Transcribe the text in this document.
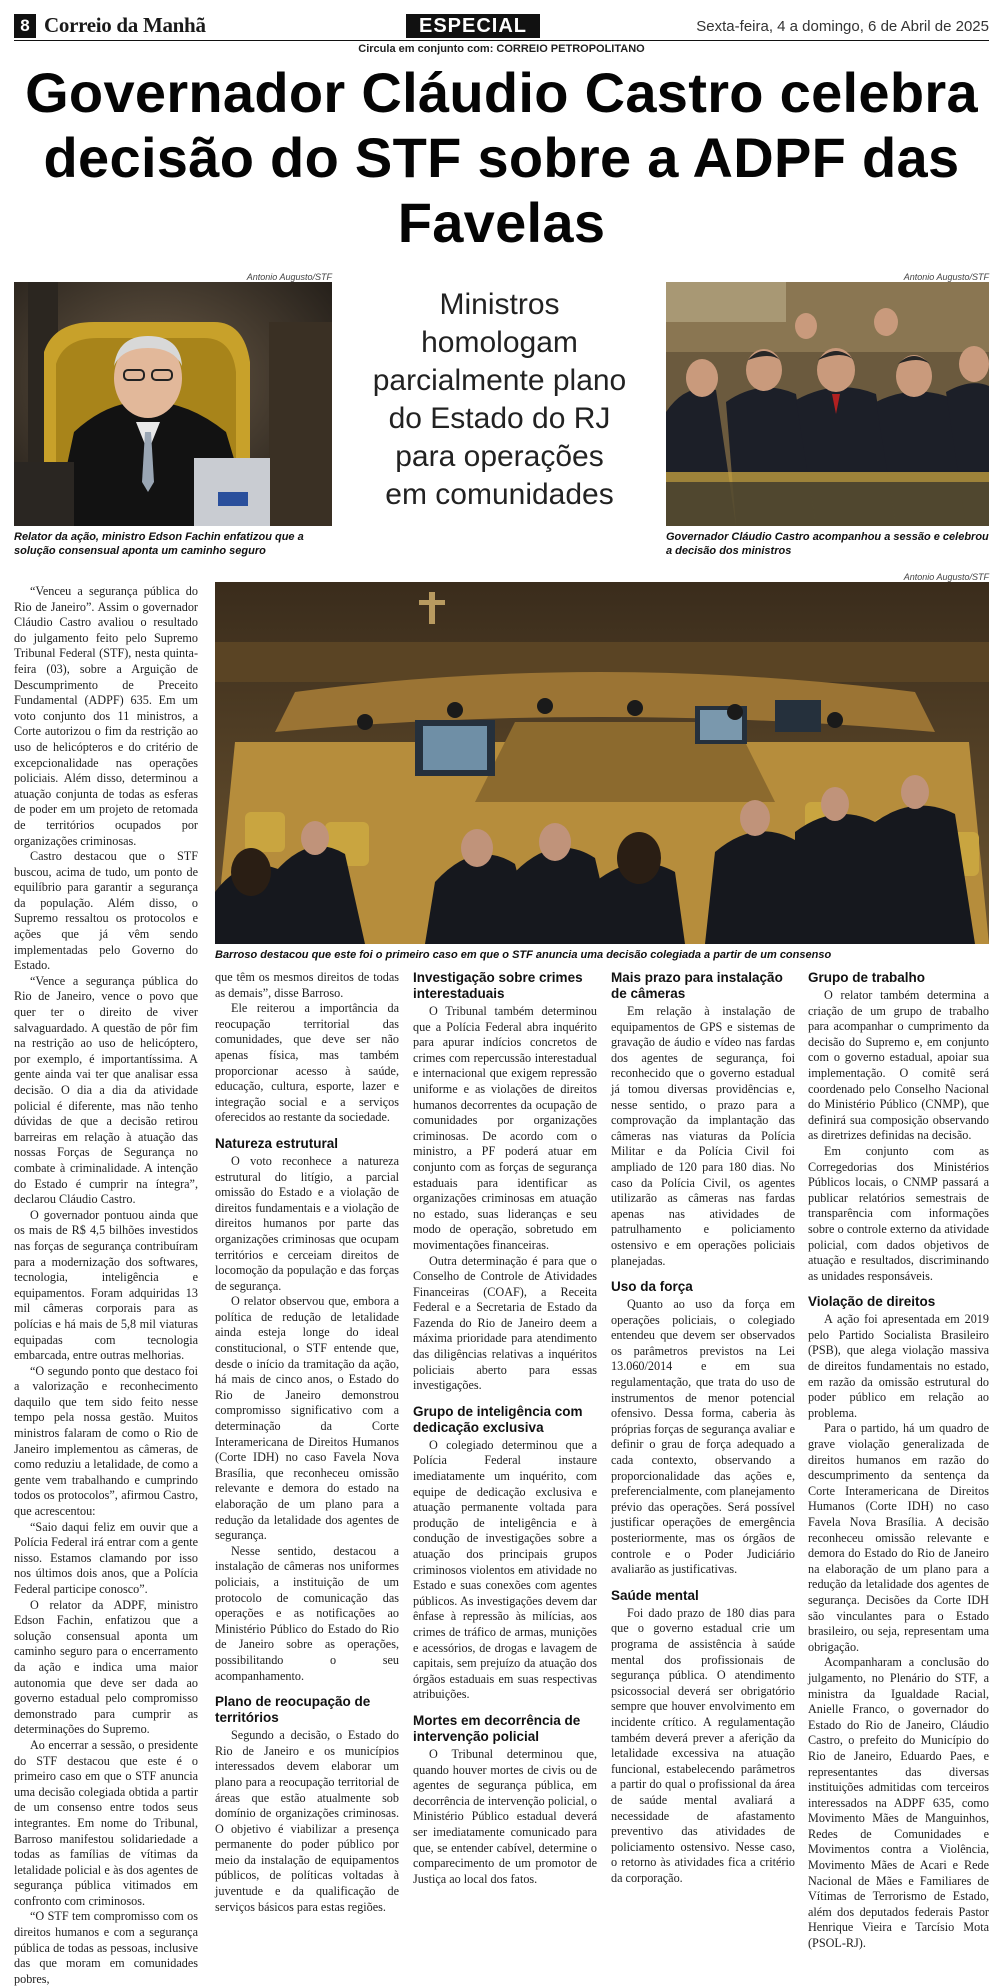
8 Correio da Manhã	ESPECIAL	Sexta-feira, 4 a domingo, 6 de Abril de 2025
Circula em conjunto com: CORREIO PETROPOLITANO
Governador Cláudio Castro celebra decisão do STF sobre a ADPF das Favelas
Antonio Augusto/STF
Relator da ação, ministro Edson Fachin enfatizou que a solução consensual aponta um caminho seguro
Ministros homologam parcialmente plano do Estado do RJ para operações em comunidades
Antonio Augusto/STF
Governador Cláudio Castro acompanhou a sessão e celebrou a decisão dos ministros
Antonio Augusto/STF
Barroso destacou que este foi o primeiro caso em que o STF anuncia uma decisão colegiada a partir de um consenso

“Venceu a segurança pública do Rio de Janeiro”. Assim o governador Cláudio Castro avaliou o resultado do julgamento feito pelo Supremo Tribunal Federal (STF), nesta quinta-feira (03), sobre a Arguição de Descumprimento de Preceito Fundamental (ADPF) 635. Em um voto conjunto dos 11 ministros, a Corte autorizou o fim da restrição ao uso de helicópteros e do critério de excepcionalidade nas operações policiais. Além disso, determinou a atuação conjunta de todas as esferas de poder em um projeto de retomada de territórios ocupados por organizações criminosas.

Castro destacou que o STF buscou, acima de tudo, um ponto de equilíbrio para garantir a segurança da população. Além disso, o Supremo ressaltou os protocolos e ações que já vêm sendo implementadas pelo Governo do Estado.

“Vence a segurança pública do Rio de Janeiro, vence o povo que quer ter o direito de viver salvaguardado. A questão de pôr fim na restrição ao uso de helicóptero, por exemplo, é importantíssima. A gente ainda vai ter que analisar essa decisão. O dia a dia da atividade policial é diferente, mas não tenho dúvidas de que a decisão retirou barreiras em relação à atuação das nossas Forças de Segurança no combate à criminalidade. A intenção do Estado é cumprir na íntegra”, declarou Cláudio Castro.

O governador pontuou ainda que os mais de R$ 4,5 bilhões investidos nas forças de segurança contribuíram para a modernização dos softwares, tecnologia, inteligência e equipamentos. Foram adquiridas 13 mil câmeras corporais para as polícias e há mais de 5,8 mil viaturas equipadas com tecnologia embarcada, entre outras melhorias.

“O segundo ponto que destaco foi a valorização e reconhecimento daquilo que tem sido feito nesse tempo pela nossa gestão. Muitos ministros falaram de como o Rio de Janeiro implementou as câmeras, de como reduziu a letalidade, de como a gente vem trabalhando e cumprindo todos os protocolos”, afirmou Castro, que acrescentou:

“Saio daqui feliz em ouvir que a Polícia Federal irá entrar com a gente nisso. Estamos clamando por isso nos últimos dois anos, que a Polícia Federal participe conosco”.

O relator da ADPF, ministro Edson Fachin, enfatizou que a solução consensual aponta um caminho seguro para o encerramento da ação e indica uma maior autonomia que deve ser dada ao governo estadual pelo compromisso demonstrado para cumprir as determinações do Supremo.

Ao encerrar a sessão, o presidente do STF destacou que este é o primeiro caso em que o STF anuncia uma decisão colegiada obtida a partir de um consenso entre todos seus integrantes. Em nome do Tribunal, Barroso manifestou solidariedade a todas as famílias de vítimas da letalidade policial e às dos agentes de segurança pública vitimados em confronto com criminosos.

“O STF tem compromisso com os direitos humanos e com a segurança pública de todas as pessoas, inclusive das que moram em comunidades pobres,

que têm os mesmos direitos de todas as demais”, disse Barroso.

Ele reiterou a importância da reocupação territorial das comunidades, que deve ser não apenas física, mas também proporcionar acesso à saúde, educação, cultura, esporte, lazer e integração social e a serviços oferecidos ao restante da sociedade.

Natureza estrutural

O voto reconhece a natureza estrutural do litígio, a parcial omissão do Estado e a violação de direitos fundamentais e a violação de direitos humanos por parte das organizações criminosas que ocupam territórios e cerceiam direitos de locomoção da população e das forças de segurança.

O relator observou que, embora a política de redução de letalidade ainda esteja longe do ideal constitucional, o STF entende que, desde o início da tramitação da ação, há mais de cinco anos, o Estado do Rio de Janeiro demonstrou compromisso significativo com a determinação da Corte Interamericana de Direitos Humanos (Corte IDH) no caso Favela Nova Brasília, que reconheceu omissão relevante e demora do estado na elaboração de um plano para a redução da letalidade dos agentes de segurança.

Nesse sentido, destacou a instalação de câmeras nos uniformes policiais, a instituição de um protocolo de comunicação das operações e as notificações ao Ministério Público do Estado do Rio de Janeiro sobre as operações, possibilitando o seu acompanhamento.

Plano de reocupação de territórios

Segundo a decisão, o Estado do Rio de Janeiro e os municípios interessados devem elaborar um plano para a reocupação territorial de áreas que estão atualmente sob domínio de organizações criminosas. O objetivo é viabilizar a presença permanente do poder público por meio da instalação de equipamentos públicos, de políticas voltadas à juventude e da qualificação de serviços básicos para estas regiões.

Investigação sobre crimes interestaduais

O Tribunal também determinou que a Polícia Federal abra inquérito para apurar indícios concretos de crimes com repercussão interestadual e internacional que exigem repressão uniforme e as violações de direitos humanos decorrentes da ocupação de comunidades por organizações criminosas. De acordo com o ministro, a PF poderá atuar em conjunto com as forças de segurança estaduais para identificar as organizações criminosas em atuação no estado, suas lideranças e seu modo de operação, sobretudo em movimentações financeiras.

Outra determinação é para que o Conselho de Controle de Atividades Financeiras (COAF), a Receita Federal e a Secretaria de Estado da Fazenda do Rio de Janeiro deem a máxima prioridade para atendimento das diligências relativas a inquéritos policiais aberto para essas investigações.

Grupo de inteligência com dedicação exclusiva

O colegiado determinou que a Polícia Federal instaure imediatamente um inquérito, com equipe de dedicação exclusiva e atuação permanente voltada para produção de inteligência e à condução de investigações sobre a atuação dos principais grupos criminosos violentos em atividade no Estado e suas conexões com agentes públicos. As investigações devem dar ênfase à repressão às milícias, aos crimes de tráfico de armas, munições e acessórios, de drogas e lavagem de capitais, sem prejuízo da atuação dos órgãos estaduais em suas respectivas atribuições.

Mortes em decorrência de intervenção policial

O Tribunal determinou que, quando houver mortes de civis ou de agentes de segurança pública, em decorrência de intervenção policial, o Ministério Público estadual deverá ser imediatamente comunicado para que, se entender cabível, determine o comparecimento de um promotor de Justiça ao local dos fatos.

Mais prazo para instalação de câmeras

Em relação à instalação de equipamentos de GPS e sistemas de gravação de áudio e vídeo nas fardas dos agentes de segurança, foi reconhecido que o governo estadual já tomou diversas providências e, nesse sentido, o prazo para a comprovação da implantação das câmeras nas viaturas da Polícia Militar e da Polícia Civil foi ampliado de 120 para 180 dias. No caso da Polícia Civil, os agentes utilizarão as câmeras nas fardas apenas nas atividades de patrulhamento e policiamento ostensivo e em operações policiais planejadas.

Uso da força

Quanto ao uso da força em operações policiais, o colegiado entendeu que devem ser observados os parâmetros previstos na Lei 13.060/2014 e em sua regulamentação, que trata do uso de instrumentos de menor potencial ofensivo. Dessa forma, caberia às próprias forças de segurança avaliar e definir o grau de força adequado a cada contexto, observando a proporcionalidade das ações e, preferencialmente, com planejamento prévio das operações. Será possível justificar operações de emergência posteriormente, mas os órgãos de controle e o Poder Judiciário avaliarão as justificativas.

Saúde mental

Foi dado prazo de 180 dias para que o governo estadual crie um programa de assistência à saúde mental dos profissionais de segurança pública. O atendimento psicossocial deverá ser obrigatório sempre que houver envolvimento em incidente crítico. A regulamentação também deverá prever a aferição da letalidade excessiva na atuação funcional, estabelecendo parâmetros a partir do qual o profissional da área de saúde mental avaliará a necessidade de afastamento preventivo das atividades de policiamento ostensivo. Nesse caso, o retorno às atividades fica a critério da corporação.

Grupo de trabalho

O relator também determina a criação de um grupo de trabalho para acompanhar o cumprimento da decisão do Supremo e, em conjunto com o governo estadual, apoiar sua implementação. O comitê será coordenado pelo Conselho Nacional do Ministério Público (CNMP), que definirá sua composição observando as diretrizes definidas na decisão.

Em conjunto com as Corregedorias dos Ministérios Públicos locais, o CNMP passará a publicar relatórios semestrais de transparência com informações sobre o controle externo da atividade policial, com dados objetivos de atuação e resultados, discriminando as unidades responsáveis.

Violação de direitos

A ação foi apresentada em 2019 pelo Partido Socialista Brasileiro (PSB), que alega violação massiva de direitos fundamentais no estado, em razão da omissão estrutural do poder público em relação ao problema.

Para o partido, há um quadro de grave violação generalizada de direitos humanos em razão do descumprimento da sentença da Corte Interamericana de Direitos Humanos (Corte IDH) no caso Favela Nova Brasília. A decisão reconheceu omissão relevante e demora do Estado do Rio de Janeiro na elaboração de um plano para a redução da letalidade dos agentes de segurança. Decisões da Corte IDH são vinculantes para o Estado brasileiro, ou seja, representam uma obrigação.

Acompanharam a conclusão do julgamento, no Plenário do STF, a ministra da Igualdade Racial, Anielle Franco, o governador do Estado do Rio de Janeiro, Cláudio Castro, o prefeito do Município do Rio de Janeiro, Eduardo Paes, e representantes das diversas instituições admitidas com terceiros interessados na ADPF 635, como Movimento Mães de Manguinhos, Redes de Comunidades e Movimentos contra a Violência, Movimento Mães de Acari e Rede Nacional de Mães e Familiares de Vítimas de Terrorismo de Estado, além dos deputados federais Pastor Henrique Vieira e Tarcísio Mota (PSOL-RJ).
